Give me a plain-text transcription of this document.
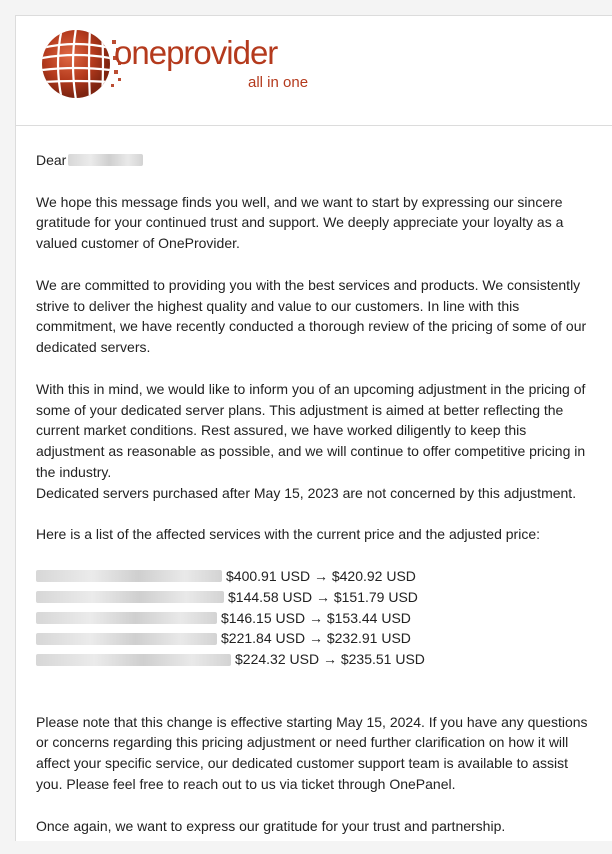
oneprovider
all in one

Dear

We hope this message finds you well, and we want to start by expressing our sincere gratitude for your continued trust and support. We deeply appreciate your loyalty as a valued customer of OneProvider.

We are committed to providing you with the best services and products. We consistently strive to deliver the highest quality and value to our customers. In line with this commitment, we have recently conducted a thorough review of the pricing of some of our dedicated servers.

With this in mind, we would like to inform you of an upcoming adjustment in the pricing of some of your dedicated server plans. This adjustment is aimed at better reflecting the current market conditions. Rest assured, we have worked diligently to keep this adjustment as reasonable as possible, and we will continue to offer competitive pricing in the industry.
Dedicated servers purchased after May 15, 2023 are not concerned by this adjustment.

Here is a list of the affected services with the current price and the adjusted price:

$400.91 USD → $420.92 USD
$144.58 USD → $151.79 USD
$146.15 USD → $153.44 USD
$221.84 USD → $232.91 USD
$224.32 USD → $235.51 USD

Please note that this change is effective starting May 15, 2024. If you have any questions or concerns regarding this pricing adjustment or need further clarification on how it will affect your specific service, our dedicated customer support team is available to assist you. Please feel free to reach out to us via ticket through OnePanel.

Once again, we want to express our gratitude for your trust and partnership.
